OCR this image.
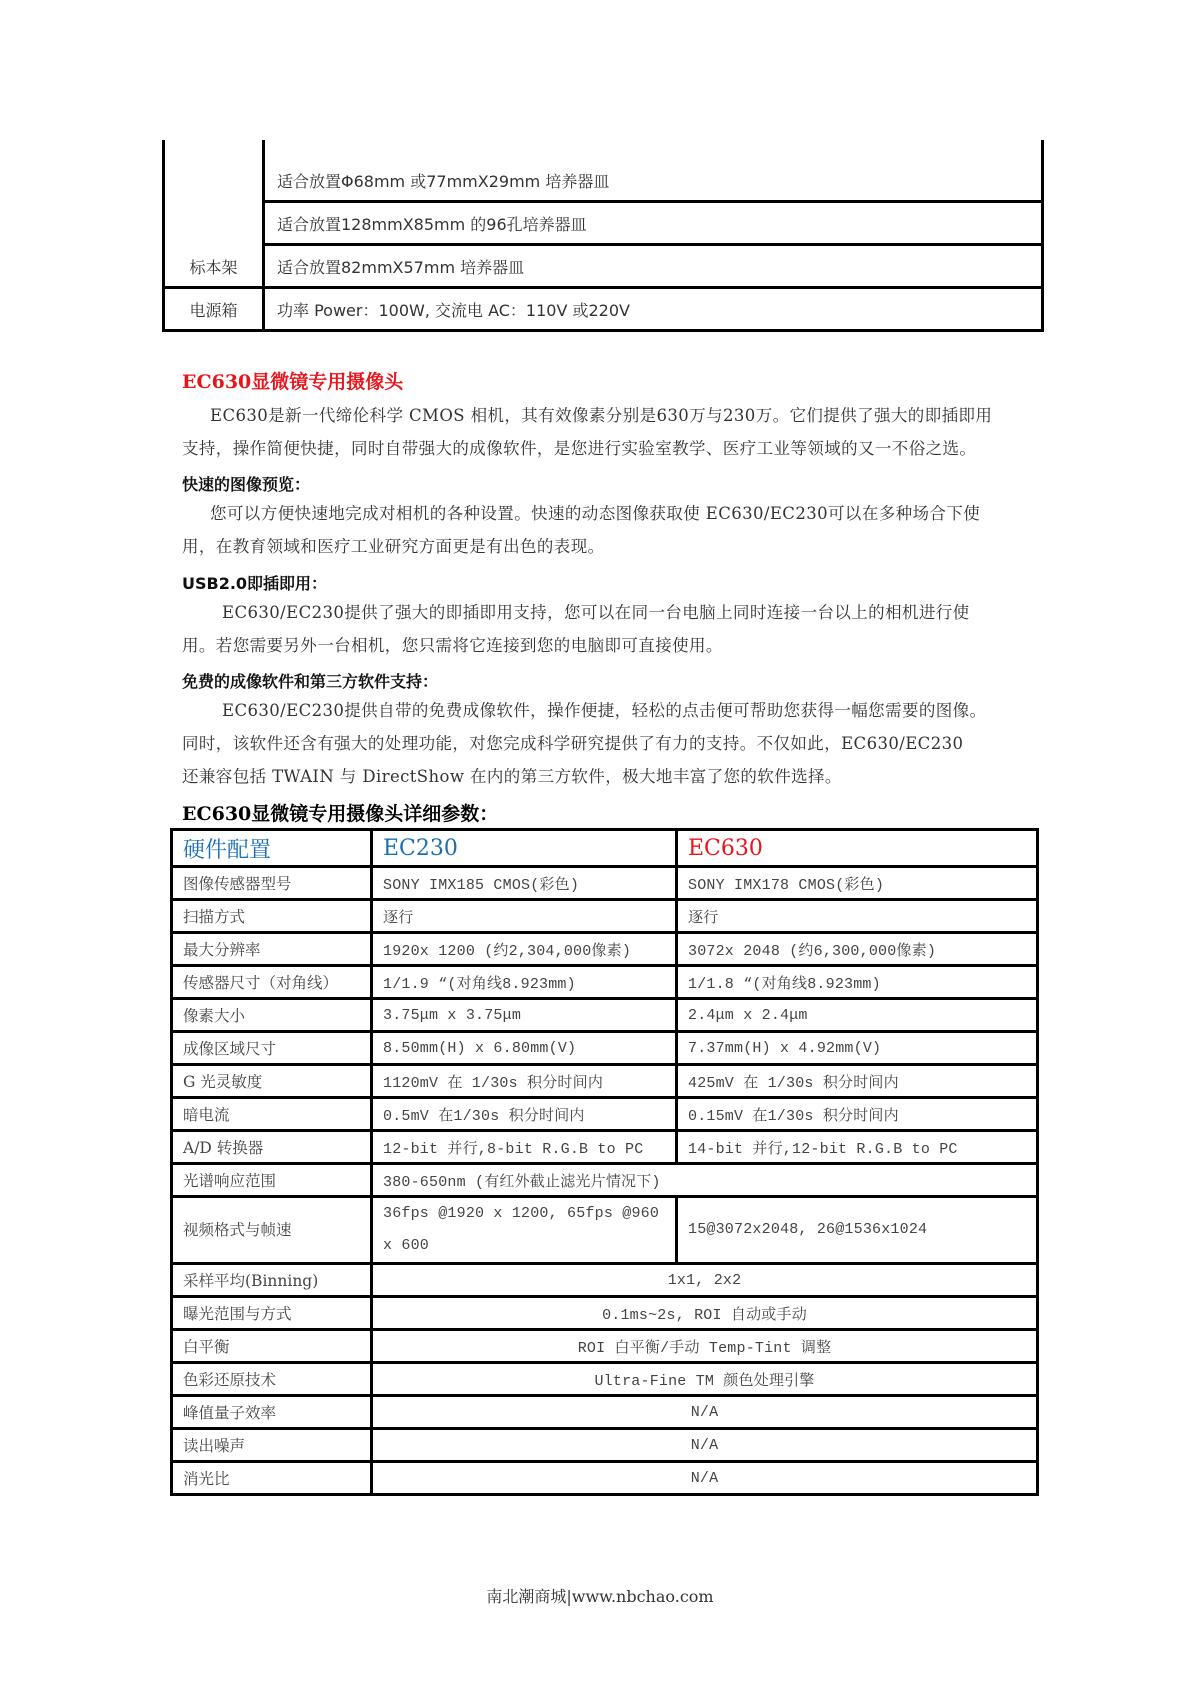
标本架	适合放置Φ68mm 或77mmX29mm 培养器皿
	适合放置128mmX85mm 的96孔培养器皿
	适合放置82mmX57mm 培养器皿
电源箱	功率 Power：100W, 交流电 AC：110V 或220V
EC630显微镜专用摄像头
EC630是新一代缔伦科学 CMOS 相机，其有效像素分别是630万与230万。它们提供了强大的即插即用
支持，操作简便快捷，同时自带强大的成像软件，是您进行实验室教学、医疗工业等领域的又一不俗之选。
快速的图像预览：
您可以方便快速地完成对相机的各种设置。快速的动态图像获取使 EC630/EC230可以在多种场合下使
用，在教育领域和医疗工业研究方面更是有出色的表现。
USB2.0即插即用：
EC630/EC230提供了强大的即插即用支持，您可以在同一台电脑上同时连接一台以上的相机进行使
用。若您需要另外一台相机，您只需将它连接到您的电脑即可直接使用。
免费的成像软件和第三方软件支持：
EC630/EC230提供自带的免费成像软件，操作便捷，轻松的点击便可帮助您获得一幅您需要的图像。
同时，该软件还含有强大的处理功能，对您完成科学研究提供了有力的支持。不仅如此，EC630/EC230
还兼容包括 TWAIN 与 DirectShow 在内的第三方软件，极大地丰富了您的软件选择。
EC630显微镜专用摄像头详细参数：
硬件配置	EC230	EC630
图像传感器型号	SONY IMX185 CMOS(彩色)	SONY IMX178 CMOS(彩色)
扫描方式	逐行	逐行
最大分辨率	1920x 1200 (约2,304,000像素)	3072x 2048 (约6,300,000像素)
传感器尺寸（对角线）	1/1.9 “(对角线8.923mm)	1/1.8 “(对角线8.923mm)
像素大小	3.75μm x 3.75μm	2.4μm x 2.4μm
成像区域尺寸	8.50mm(H) x 6.80mm(V)	7.37mm(H) x 4.92mm(V)
G 光灵敏度	1120mV 在 1/30s 积分时间内	425mV 在 1/30s 积分时间内
暗电流	0.5mV 在1/30s 积分时间内	0.15mV 在1/30s 积分时间内
A/D 转换器	12-bit 并行,8-bit R.G.B to PC	14-bit 并行,12-bit R.G.B to PC
光谱响应范围	380-650nm (有红外截止滤光片情况下)	
视频格式与帧速	36fps @1920 x 1200, 65fps @960 x 600	15@3072x2048, 26@1536x1024
采样平均(Binning)	1x1, 2x2	
曝光范围与方式	0.1ms~2s, ROI 自动或手动	
白平衡	ROI 白平衡/手动 Temp-Tint 调整	
色彩还原技术	Ultra-Fine TM 颜色处理引擎	
峰值量子效率	N/A	
读出噪声	N/A	
消光比	N/A	
南北潮商城|www.nbchao.com
